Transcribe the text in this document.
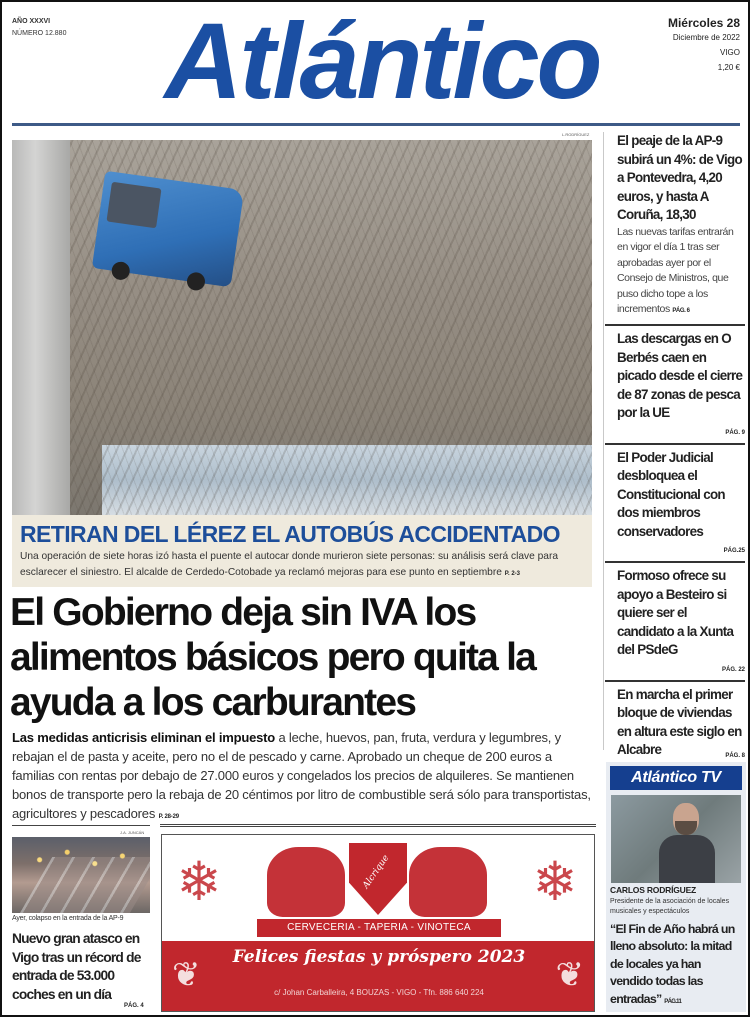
AÑO XXXVI
NÚMERO 12.880 Atlántico	Miércoles 28
Diciembre de 2022
VIGO
1,20 €
L.RODRÍGUEZ
RETIRAN DEL LÉREZ EL AUTOBÚS ACCIDENTADO
Una operación de siete horas izó hasta el puente el autocar donde murieron siete personas: su análisis será clave para esclarecer el siniestro. El alcalde de Cerdedo-Cotobade ya reclamó mejoras para ese punto en septiembre P. 2-3
El Gobierno deja sin IVA los alimentos básicos pero quita la ayuda a los carburantes
Las medidas anticrisis eliminan el impuesto a leche, huevos, pan, fruta, verdura y legumbres, y rebajan el de pasta y aceite, pero no el de pescado y carne. Aprobado un cheque de 200 euros a familias con rentas por debajo de 27.000 euros y congelados los precios de alquileres. Se mantienen bonos de transporte pero la rebaja de 20 céntimos por litro de combustible será sólo para transportistas, agricultores y pescadores P. 28-29
El peaje de la AP-9 subirá un 4%: de Vigo a Pontevedra, 4,20 euros, y hasta A Coruña, 18,30

Las nuevas tarifas entrarán en vigor el día 1 tras ser aprobadas ayer por el Consejo de Ministros, que puso dicho tope a los incrementos PÁG. 6

Las descargas en O Berbés caen en picado desde el cierre de 87 zonas de pesca por la UE
PÁG. 9
El Poder Judicial desbloquea el Constitucional con dos miembros conservadores
PÁG.25
Formoso ofrece su apoyo a Besteiro si quiere ser el candidato a la Xunta del PSdeG
PÁG. 22
En marcha el primer bloque de viviendas en altura este siglo en Alcabre	PÁG. 8
Atlántico TV
CARLOS RODRÍGUEZ
Presidente de la asociación de locales musicales y espectáculos
“El Fin de Año habrá un lleno absoluto: la mitad de locales ya han vendido todas las entradas” PÁG.11
J.A. JUNCÁN
Ayer, colapso en la entrada de la AP-9
Nuevo gran atasco en Vigo tras un récord de entrada de 53.000 coches en un día
PÁG. 4
❄	❄
Alcrique
CERVECERIA - TAPERIA - VINOTECA
❦	❦
Felices fiestas y próspero 2023
c/ Johan Carballeira, 4 BOUZAS - VIGO - Tfn. 886 640 224
